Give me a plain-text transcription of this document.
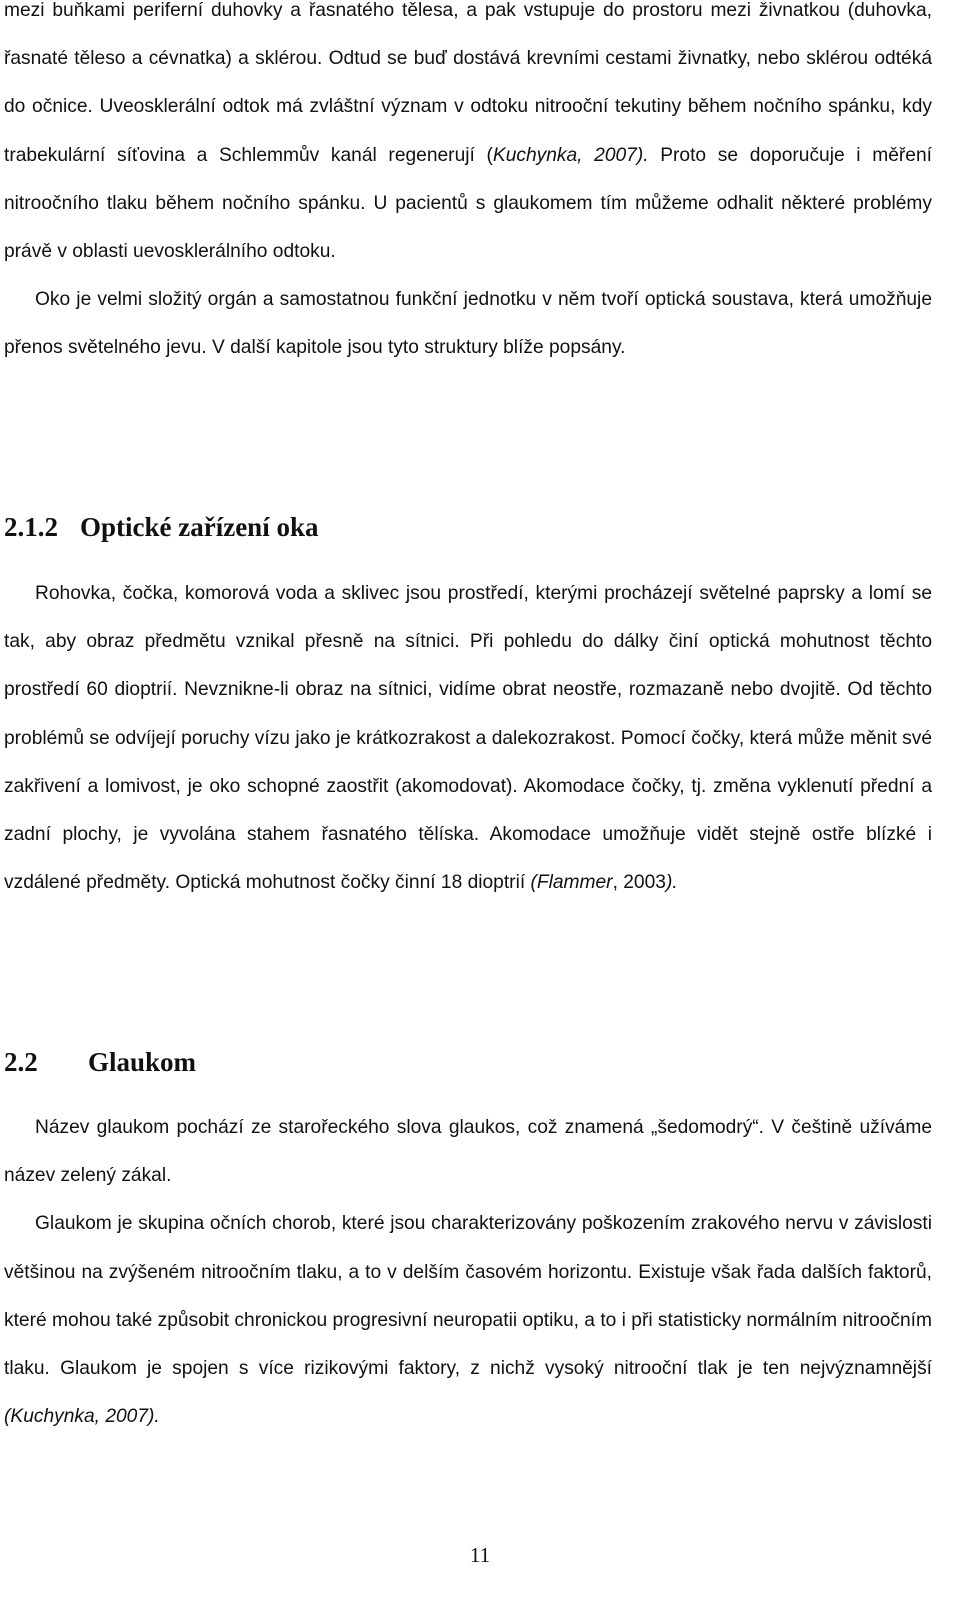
mezi buňkami periferní duhovky a řasnatého tělesa, a pak vstupuje do prostoru mezi živnatkou (duhovka, řasnaté těleso a cévnatka) a sklérou. Odtud se buď dostává krevními cestami živnatky, nebo sklérou odtéká do očnice. Uveosklerální odtok má zvláštní význam v odtoku nitrooční tekutiny během nočního spánku, kdy trabekulární síťovina a Schlemmův kanál regenerují (Kuchynka, 2007). Proto se doporučuje i měření nitroočního tlaku během nočního spánku. U pacientů s glaukomem tím můžeme odhalit některé problémy právě v oblasti uevosklerálního odtoku.

Oko je velmi složitý orgán a samostatnou funkční jednotku v něm tvoří optická soustava, která umožňuje přenos světelného jevu. V další kapitole jsou tyto struktury blíže popsány.

2.1.2 Optické zařízení oka

Rohovka, čočka, komorová voda a sklivec jsou prostředí, kterými procházejí světelné paprsky a lomí se tak, aby obraz předmětu vznikal přesně na sítnici. Při pohledu do dálky činí optická mohutnost těchto prostředí 60 dioptrií. Nevznikne-li obraz na sítnici, vidíme obrat neostře, rozmazaně nebo dvojitě. Od těchto problémů se odvíjejí poruchy vízu jako je krátkozrakost a dalekozrakost. Pomocí čočky, která může měnit své zakřivení a lomivost, je oko schopné zaostřit (akomodovat). Akomodace čočky, tj. změna vyklenutí přední a zadní plochy, je vyvolána stahem řasnatého tělíska. Akomodace umožňuje vidět stejně ostře blízké i vzdálené předměty. Optická mohutnost čočky činní 18 dioptrií (Flammer, 2003).

2.2 Glaukom

Název glaukom pochází ze starořeckého slova glaukos, což znamená „šedomodrý“. V češtině užíváme název zelený zákal.

Glaukom je skupina očních chorob, které jsou charakterizovány poškozením zrakového nervu v závislosti většinou na zvýšeném nitroočním tlaku, a to v delším časovém horizontu. Existuje však řada dalších faktorů, které mohou také způsobit chronickou progresivní neuropatii optiku, a to i při statisticky normálním nitroočním tlaku. Glaukom je spojen s více rizikovými faktory, z nichž vysoký nitrooční tlak je ten nejvýznamnější (Kuchynka, 2007).

11
